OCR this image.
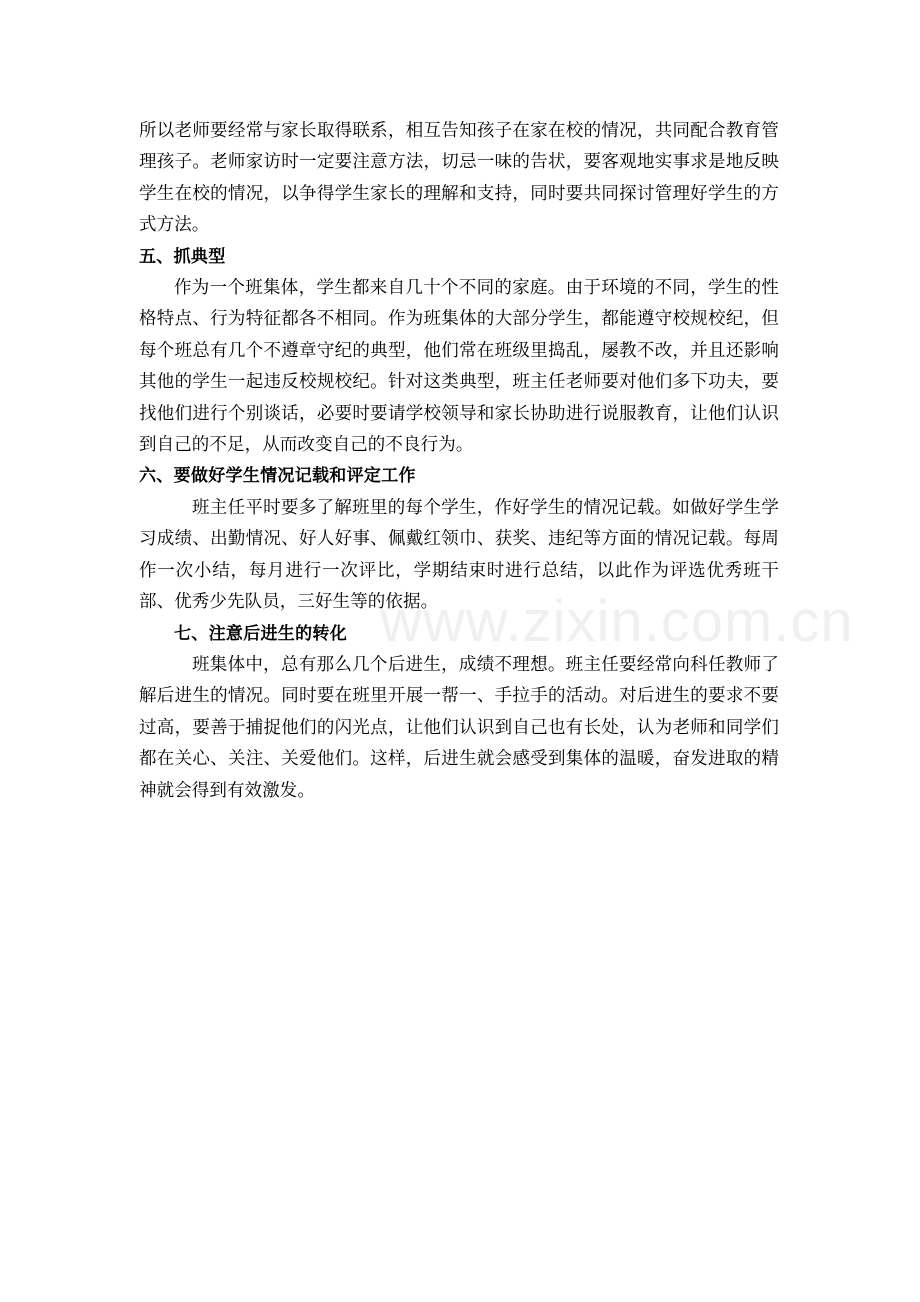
www.zixin.com.cn

所以老师要经常与家长取得联系，相互告知孩子在家在校的情况，共同配合教育管理孩子。老师家访时一定要注意方法，切忌一味的告状，要客观地实事求是地反映学生在校的情况，以争得学生家长的理解和支持，同时要共同探讨管理好学生的方式方法。

五、抓典型

作为一个班集体，学生都来自几十个不同的家庭。由于环境的不同，学生的性格特点、行为特征都各不相同。作为班集体的大部分学生，都能遵守校规校纪，但每个班总有几个不遵章守纪的典型，他们常在班级里捣乱，屡教不改，并且还影响其他的学生一起违反校规校纪。针对这类典型，班主任老师要对他们多下功夫，要找他们进行个别谈话，必要时要请学校领导和家长协助进行说服教育，让他们认识到自己的不足，从而改变自己的不良行为。

六、要做好学生情况记载和评定工作

班主任平时要多了解班里的每个学生，作好学生的情况记载。如做好学生学习成绩、出勤情况、好人好事、佩戴红领巾、获奖、违纪等方面的情况记载。每周作一次小结，每月进行一次评比，学期结束时进行总结，以此作为评选优秀班干部、优秀少先队员，三好生等的依据。

七、注意后进生的转化

班集体中，总有那么几个后进生，成绩不理想。班主任要经常向科任教师了解后进生的情况。同时要在班里开展一帮一、手拉手的活动。对后进生的要求不要过高，要善于捕捉他们的闪光点，让他们认识到自己也有长处，认为老师和同学们都在关心、关注、关爱他们。这样，后进生就会感受到集体的温暖，奋发进取的精神就会得到有效激发。
